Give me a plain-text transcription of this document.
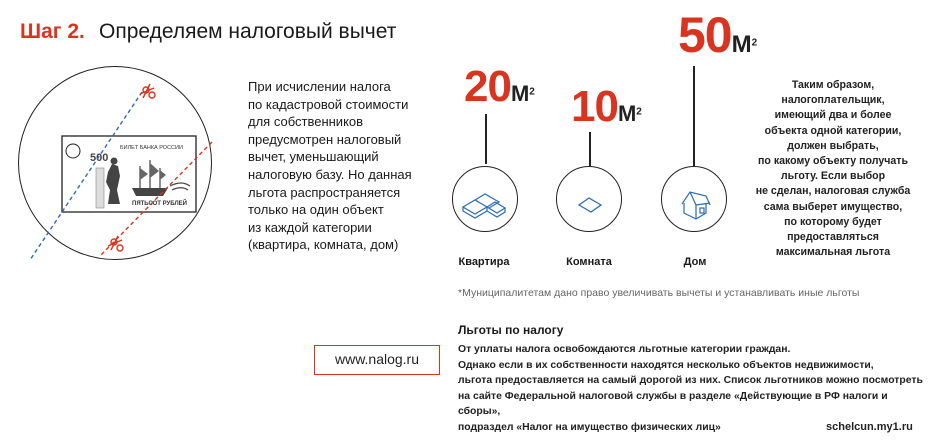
Шаг 2. Определяем налоговый вычет
500
БИЛЕТ БАНКА РОССИИ
ПЯТЬСОТ РУБЛЕЙ
При исчислении налога
по кадастровой стоимости
для собственников
предусмотрен налоговый
вычет, уменьшающий
налоговую базу. Но данная
льгота распространяется
только на один объект
из каждой категории
(квартира, комната, дом)
$20М^2$
Квартира
$10М^2$
Комната
$50М^2$
Дом
Таким образом,
налогоплательщик,
имеющий два и более
объекта одной категории,
должен выбрать,
по какому объекту получать
льготу. Если выбор
не сделан, налоговая служба
сама выберет имущество,
по которому будет
предоставляться
максимальная льгота
*Муниципалитетам дано право увеличивать вычеты и устанавливать иные льготы
www.nalog.ru
Льготы по налогу
От уплаты налога освобождаются льготные категории граждан.
Однако если в их собственности находятся несколько объектов недвижимости,
льгота предоставляется на самый дорогой из них. Список льготников можно посмотреть
на сайте Федеральной налоговой службы в разделе «Действующие в РФ налоги и сборы»,
подраздел «Налог на имущество физических лиц»	schelcun.my1.ru
